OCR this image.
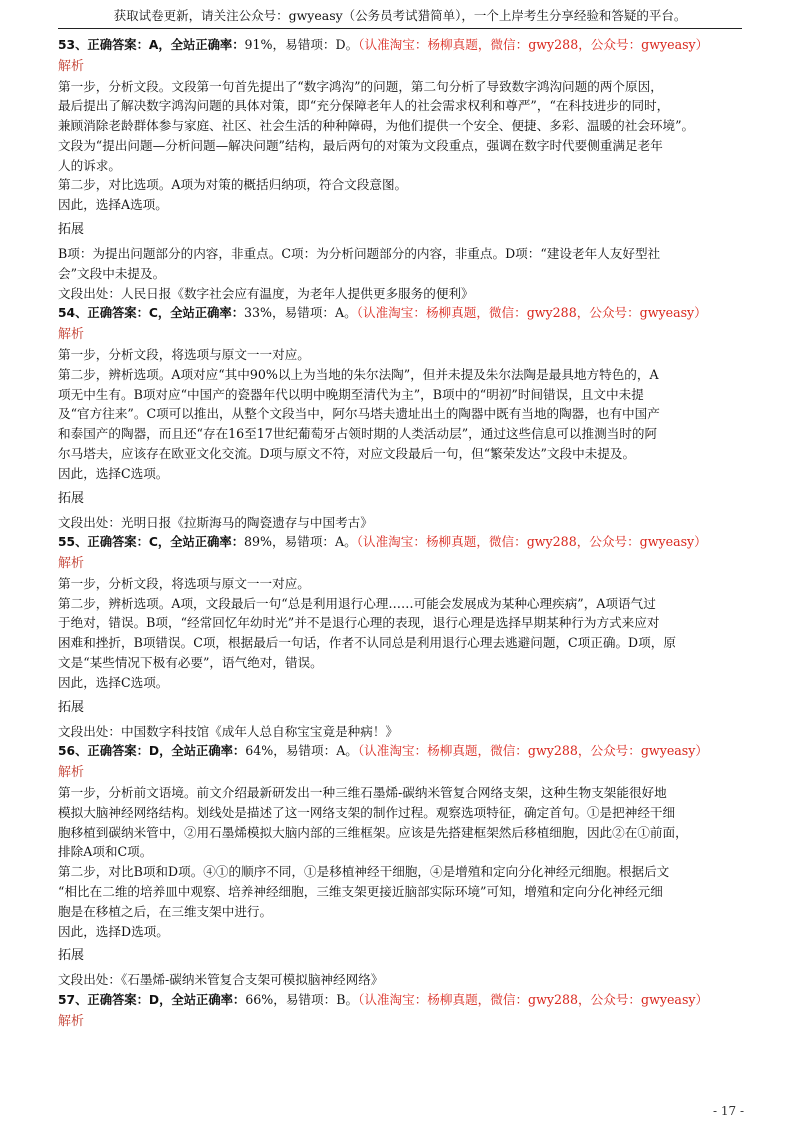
获取试卷更新，请关注公众号：gwyeasy（公务员考试猎简单），一个上岸考生分享经验和答疑的平台。
53、正确答案：A，全站正确率：91%，易错项：D。（认准淘宝：杨柳真题，微信：gwy288，公众号：gwyeasy）
解析
第一步，分析文段。文段第一句首先提出了“数字鸿沟”的问题，第二句分析了导致数字鸿沟问题的两个原因，
最后提出了解决数字鸿沟问题的具体对策，即“充分保障老年人的社会需求权利和尊严”，“在科技进步的同时，
兼顾消除老龄群体参与家庭、社区、社会生活的种种障碍，为他们提供一个安全、便捷、多彩、温暖的社会环境”。
文段为“提出问题—分析问题—解决问题”结构，最后两句的对策为文段重点，强调在数字时代要侧重满足老年
人的诉求。
第二步，对比选项。A项为对策的概括归纳项，符合文段意图。
因此，选择A选项。
拓展
B项：为提出问题部分的内容，非重点。C项：为分析问题部分的内容，非重点。D项：“建设老年人友好型社
会”文段中未提及。
文段出处：人民日报《数字社会应有温度，为老年人提供更多服务的便利》
54、正确答案：C，全站正确率：33%，易错项：A。（认准淘宝：杨柳真题，微信：gwy288，公众号：gwyeasy）
解析
第一步，分析文段，将选项与原文一一对应。
第二步，辨析选项。A项对应“其中90%以上为当地的朱尔法陶”，但并未提及朱尔法陶是最具地方特色的，A
项无中生有。B项对应“中国产的瓷器年代以明中晚期至清代为主”，B项中的“明初”时间错误，且文中未提
及“官方往来”。C项可以推出，从整个文段当中，阿尔马塔夫遗址出土的陶器中既有当地的陶器，也有中国产
和泰国产的陶器，而且还“存在16至17世纪葡萄牙占领时期的人类活动层”，通过这些信息可以推测当时的阿
尔马塔夫，应该存在欧亚文化交流。D项与原文不符，对应文段最后一句，但“繁荣发达”文段中未提及。
因此，选择C选项。
拓展
文段出处：光明日报《拉斯海马的陶瓷遗存与中国考古》
55、正确答案：C，全站正确率：89%，易错项：A。（认准淘宝：杨柳真题，微信：gwy288，公众号：gwyeasy）
解析
第一步，分析文段，将选项与原文一一对应。
第二步，辨析选项。A项，文段最后一句“总是利用退行心理……可能会发展成为某种心理疾病”，A项语气过
于绝对，错误。B项，“经常回忆年幼时光”并不是退行心理的表现，退行心理是选择早期某种行为方式来应对
困难和挫折，B项错误。C项，根据最后一句话，作者不认同总是利用退行心理去逃避问题，C项正确。D项，原
文是“某些情况下极有必要”，语气绝对，错误。
因此，选择C选项。
拓展
文段出处：中国数字科技馆《成年人总自称宝宝竟是种病！》
56、正确答案：D，全站正确率：64%，易错项：A。（认准淘宝：杨柳真题，微信：gwy288，公众号：gwyeasy）
解析
第一步，分析前文语境。前文介绍最新研发出一种三维石墨烯-碳纳米管复合网络支架，这种生物支架能很好地
模拟大脑神经网络结构。划线处是描述了这一网络支架的制作过程。观察选项特征，确定首句。①是把神经干细
胞移植到碳纳米管中，②用石墨烯模拟大脑内部的三维框架。应该是先搭建框架然后移植细胞，因此②在①前面，
排除A项和C项。
第二步，对比B项和D项。④①的顺序不同，①是移植神经干细胞，④是增殖和定向分化神经元细胞。根据后文
“相比在二维的培养皿中观察、培养神经细胞，三维支架更接近脑部实际环境”可知，增殖和定向分化神经元细
胞是在移植之后，在三维支架中进行。
因此，选择D选项。
拓展
文段出处：《石墨烯-碳纳米管复合支架可模拟脑神经网络》
57、正确答案：D，全站正确率：66%，易错项：B。（认准淘宝：杨柳真题，微信：gwy288，公众号：gwyeasy）
解析
- 17 -
